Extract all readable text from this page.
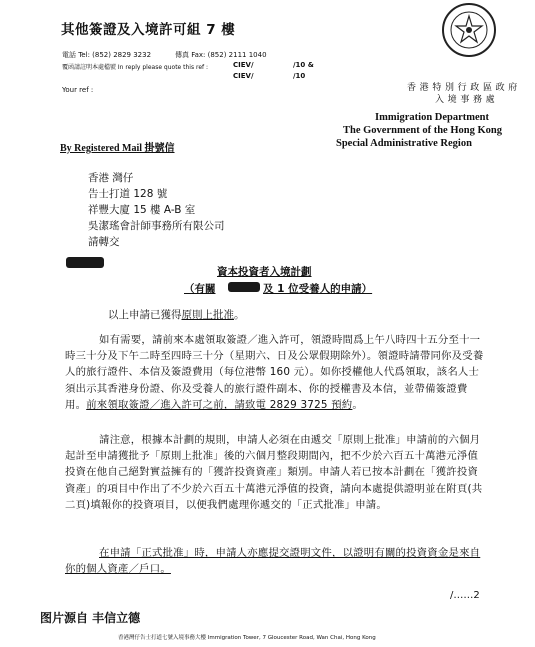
其他簽證及入境許可組 7 樓
電話 Tel: (852) 2829 3232	傳真 Fax: (852) 2111 1040
覆函請註明本處檔號 In reply please quote this ref :	CIEV/	/10 &
CIEV/	/10
Your ref :	香 港 特 別 行 政 區 政 府
入 境 事 務 處
Immigration Department
The Government of the Hong Kong
Special Administrative Region
By Registered Mail 掛號信
香港 灣仔
告士打道 128 號
祥豐大廈 15 樓 A-B 室
吳潔瑤會計師事務所有限公司
請轉交
資本投資者入境計劃
（有關	及 1 位受養人的申請）
以上申請已獲得原則上批准。
如有需要，請前來本處領取簽證／進入許可，領證時間爲上午八時四十五分至十一時三十分及下午二時至四時三十分（星期六、日及公眾假期除外）。領證時請帶同你及受養人的旅行證件、本信及簽證費用（每位港幣 160 元）。如你授權他人代爲領取，該名人士須出示其香港身份證、你及受養人的旅行證件副本、你的授權書及本信，並帶備簽證費用。前來領取簽證／進入許可之前，請致電 2829 3725 預約。
請注意，根據本計劃的規則，申請人必須在由遞交「原則上批准」申請前的六個月起計至申請獲批予「原則上批准」後的六個月整段期間內，把不少於六百五十萬港元淨值投資在他自己絕對實益擁有的「獲許投資資產」類別。申請人若已按本計劃在「獲許投資資產」的項目中作出了不少於六百五十萬港元淨值的投資，請向本處提供證明並在附頁(共二頁)填報你的投資項目，以便我們處理你遞交的「正式批准」申請。
在申請「正式批准」時，申請人亦應提交證明文件，以證明有關的投資資金是來自你的個人資產／戶口。
/……2
图片源自 丰信立德
香港灣仔告士打道七號入境事務大樓 Immigration Tower, 7 Gloucester Road, Wan Chai, Hong Kong
